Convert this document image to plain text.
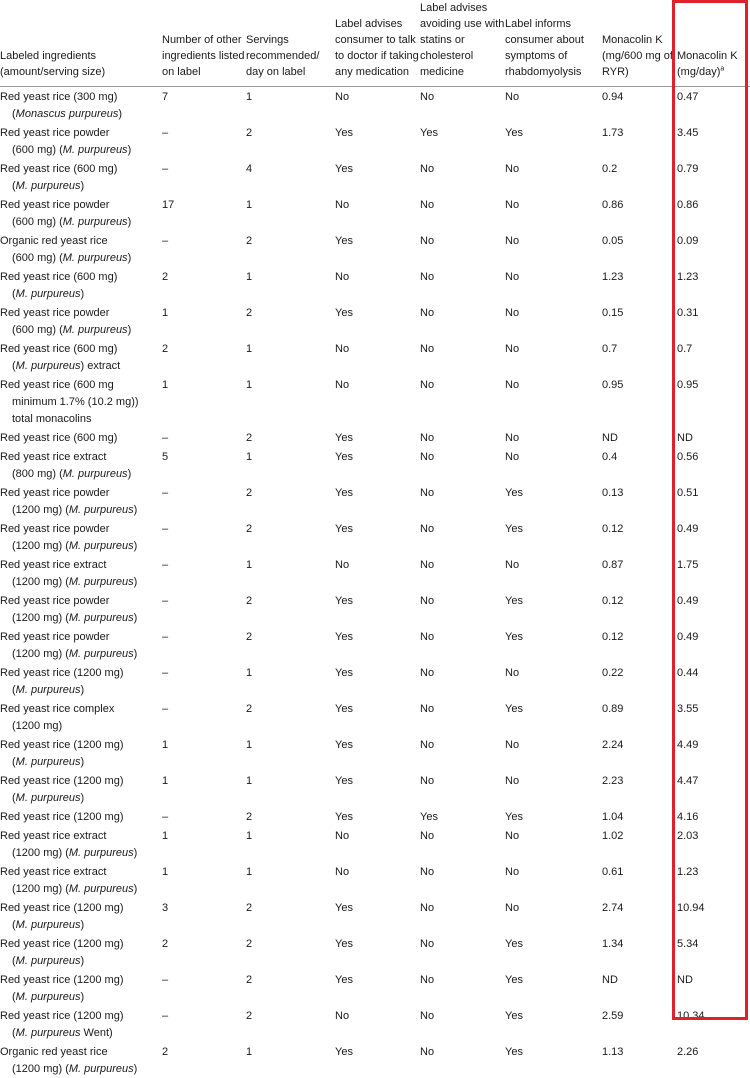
Labeled ingredients (amount/serving size)	Number of other ingredients listed on label	Servings recommended/ day on label	Label advises consumer to talk to doctor if taking any medication	Label advises avoiding use with statins or cholesterol medicine	Label informs consumer about symptoms of rhabdomyolysis	Monacolin K (mg/600 mg of RYR)	Monacolin K $(mg/day)^a$
Red yeast rice (300 mg)
(Monascus purpureus)	7	1	No	No	No	0.94	0.47
Red yeast rice powder
(600 mg) (M. purpureus)	–	2	Yes	Yes	Yes	1.73	3.45
Red yeast rice (600 mg)
(M. purpureus)	–	4	Yes	No	No	0.2	0.79
Red yeast rice powder
(600 mg) (M. purpureus)	17	1	No	No	No	0.86	0.86
Organic red yeast rice
(600 mg) (M. purpureus)	–	2	Yes	No	No	0.05	0.09
Red yeast rice (600 mg)
(M. purpureus)	2	1	No	No	No	1.23	1.23
Red yeast rice powder
(600 mg) (M. purpureus)	1	2	Yes	No	No	0.15	0.31
Red yeast rice (600 mg)
(M. purpureus) extract	2	1	No	No	No	0.7	0.7
Red yeast rice (600 mg
minimum 1.7% (10.2 mg))
total monacolins	1	1	No	No	No	0.95	0.95
Red yeast rice (600 mg)	–	2	Yes	No	No	ND	ND
Red yeast rice extract
(800 mg) (M. purpureus)	5	1	Yes	No	No	0.4	0.56
Red yeast rice powder
(1200 mg) (M. purpureus)	–	2	Yes	No	Yes	0.13	0.51
Red yeast rice powder
(1200 mg) (M. purpureus)	–	2	Yes	No	Yes	0.12	0.49
Red yeast rice extract
(1200 mg) (M. purpureus)	–	1	No	No	No	0.87	1.75
Red yeast rice powder
(1200 mg) (M. purpureus)	–	2	Yes	No	Yes	0.12	0.49
Red yeast rice powder
(1200 mg) (M. purpureus)	–	2	Yes	No	Yes	0.12	0.49
Red yeast rice (1200 mg)
(M. purpureus)	–	1	Yes	No	No	0.22	0.44
Red yeast rice complex
(1200 mg)	–	2	Yes	No	Yes	0.89	3.55
Red yeast rice (1200 mg)
(M. purpureus)	1	1	Yes	No	No	2.24	4.49
Red yeast rice (1200 mg)
(M. purpureus)	1	1	Yes	No	No	2.23	4.47
Red yeast rice (1200 mg)	–	2	Yes	Yes	Yes	1.04	4.16
Red yeast rice extract
(1200 mg) (M. purpureus)	1	1	No	No	No	1.02	2.03
Red yeast rice extract
(1200 mg) (M. purpureus)	1	1	No	No	No	0.61	1.23
Red yeast rice (1200 mg)
(M. purpureus)	3	2	Yes	No	No	2.74	10.94
Red yeast rice (1200 mg)
(M. purpureus)	2	2	Yes	No	Yes	1.34	5.34
Red yeast rice (1200 mg)
(M. purpureus)	–	2	Yes	No	Yes	ND	ND
Red yeast rice (1200 mg)
(M. purpureus Went)	–	2	No	No	Yes	2.59	10.34
Organic red yeast rice
(1200 mg) (M. purpureus)	2	1	Yes	No	Yes	1.13	2.26
